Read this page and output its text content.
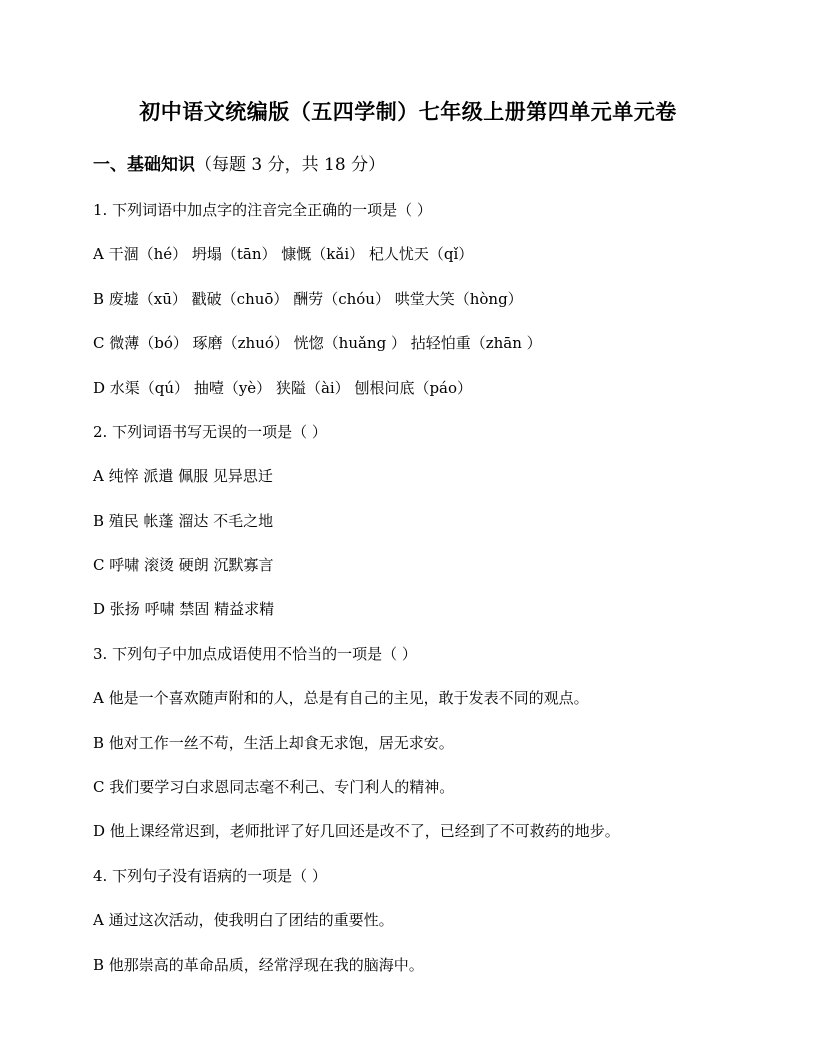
初中语文统编版（五四学制）七年级上册第四单元单元卷
一、基础知识（每题 3 分，共 18 分）
1. 下列词语中加点字的注音完全正确的一项是（ ）
A 干涸（hé） 坍塌（tān） 慷慨（kǎi） 杞人忧天（qǐ）
B 废墟（xū） 戳破（chuō） 酬劳（chóu） 哄堂大笑（hòng）
C 微薄（bó） 琢磨（zhuó） 恍惚（huǎng ） 拈轻怕重（zhān ）
D 水渠（qú） 抽噎（yè） 狭隘（ài） 刨根问底（páo）
2. 下列词语书写无误的一项是（ ）
A 纯悴 派遣 佩服 见异思迁
B 殖民 帐蓬 溜达 不毛之地
C 呼啸 滚烫 硬朗 沉默寡言
D 张扬 呼啸 禁固 精益求精
3. 下列句子中加点成语使用不恰当的一项是（ ）
A 他是一个喜欢随声附和的人，总是有自己的主见，敢于发表不同的观点。
B 他对工作一丝不苟，生活上却食无求饱，居无求安。
C 我们要学习白求恩同志毫不利己、专门利人的精神。
D 他上课经常迟到，老师批评了好几回还是改不了，已经到了不可救药的地步。
4. 下列句子没有语病的一项是（ ）
A 通过这次活动，使我明白了团结的重要性。
B 他那崇高的革命品质，经常浮现在我的脑海中。
